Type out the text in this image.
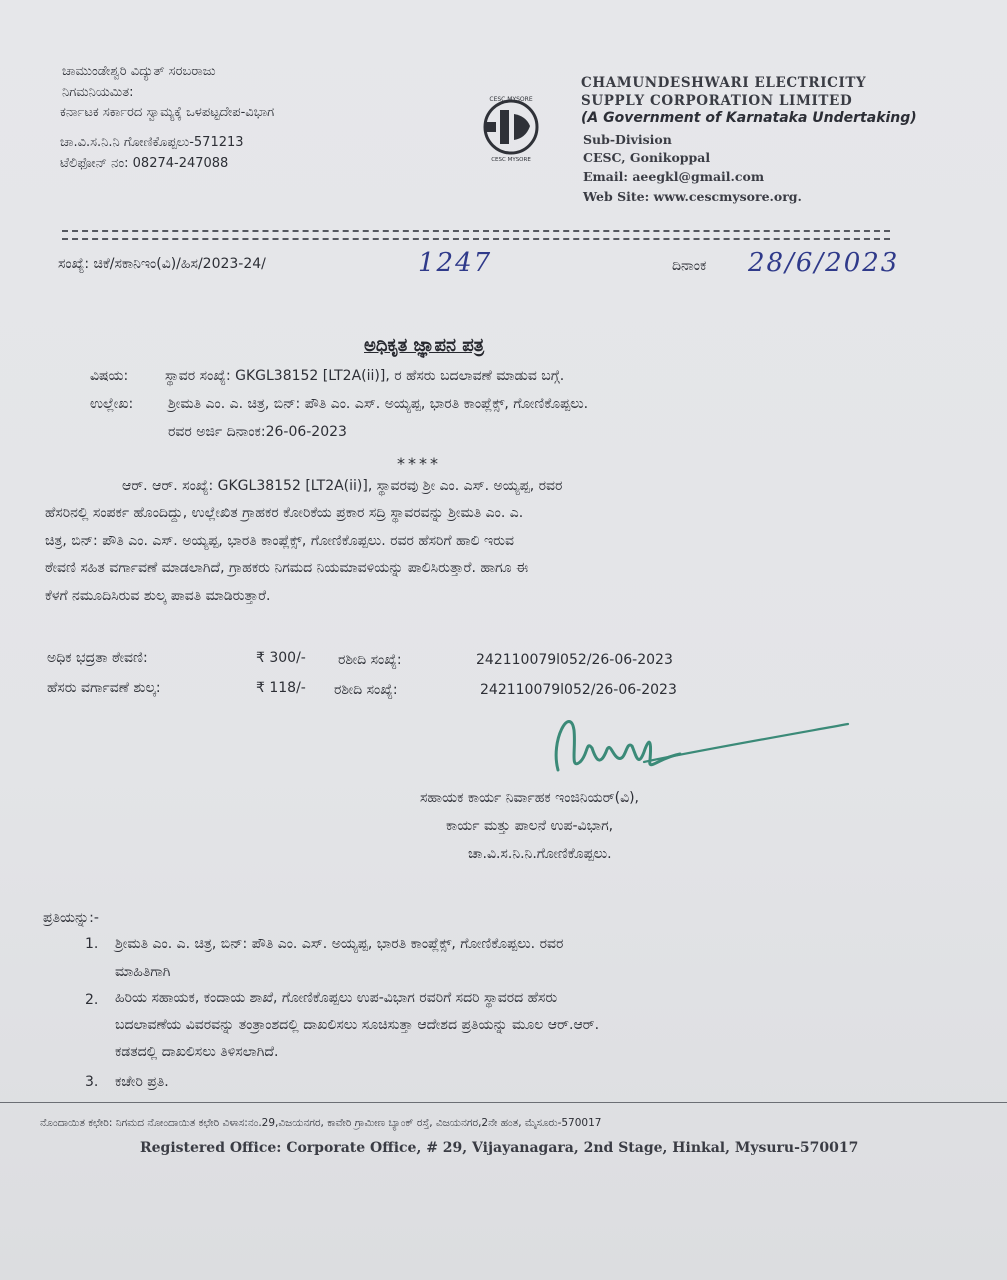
ಚಾಮುಂಡೇಶ್ವರಿ ವಿದ್ಯುತ್ ಸರಬರಾಜು
ನಿಗಮನಿಯಮಿತ:
ಕರ್ನಾಟಕ ಸರ್ಕಾರದ ಸ್ವಾಮ್ಯಕ್ಕೆ ಒಳಪಟ್ಟದೇಪ-ವಿಭಾಗ
ಚಾ.ವಿ.ಸ.ನಿ.ನಿ ಗೋಣಿಕೊಪ್ಪಲು-571213
ಟೆಲಿಫೋನ್ ನಂ: 08274-247088
CESC MYSORE
CESC MYSORE
CHAMUNDESHWARI ELECTRICITY
SUPPLY CORPORATION LIMITED
(A Government of Karnataka Undertaking)
Sub-Division
CESC, Gonikoppal
Email: aeegkl@gmail.com
Web Site: www.cescmysore.org.
ಸಂಖ್ಯೆ: ಚಿಕೆ/ಸಕಾನಿಇಂ(ವಿ)/ಹಿಸ/2023-24/	1247	ದಿನಾಂಕ 28/6/2023
ಅಧಿಕೃತ ಜ್ಞಾಪನ ಪತ್ರ
ವಿಷಯ:	ಸ್ಥಾವರ ಸಂಖ್ಯೆ: GKGL38152 [LT2A(ii)], ರ ಹೆಸರು ಬದಲಾವಣೆ ಮಾಡುವ ಬಗ್ಗೆ.
ಉಲ್ಲೇಖ: ಶ್ರೀಮತಿ ಎಂ. ಎ. ಚಿತ್ರ, ಬಿನ್: ಪೌತಿ ಎಂ. ಎಸ್. ಅಯ್ಯಪ್ಪ, ಭಾರತಿ ಕಾಂಪ್ಲೆಕ್ಸ್, ಗೋಣಿಕೊಪ್ಪಲು.
ರವರ ಅರ್ಜಿ ದಿನಾಂಕ:26-06-2023
****
ಆರ್. ಆರ್. ಸಂಖ್ಯೆ: GKGL38152 [LT2A(ii)], ಸ್ಥಾವರವು ಶ್ರೀ ಎಂ. ಎಸ್. ಅಯ್ಯಪ್ಪ, ರವರ
ಹೆಸರಿನಲ್ಲಿ ಸಂಪರ್ಕ ಹೊಂದಿದ್ದು, ಉಲ್ಲೇಖಿತ ಗ್ರಾಹಕರ ಕೋರಿಕೆಯ ಪ್ರಕಾರ ಸದ್ರಿ ಸ್ಥಾವರವನ್ನು ಶ್ರೀಮತಿ ಎಂ. ಎ.
ಚಿತ್ರ, ಬಿನ್: ಪೌತಿ ಎಂ. ಎಸ್. ಅಯ್ಯಪ್ಪ, ಭಾರತಿ ಕಾಂಪ್ಲೆಕ್ಸ್, ಗೋಣಿಕೊಪ್ಪಲು. ರವರ ಹೆಸರಿಗೆ ಹಾಲಿ ಇರುವ
ಠೇವಣಿ ಸಹಿತ ವರ್ಗಾವಣೆ ಮಾಡಲಾಗಿದೆ, ಗ್ರಾಹಕರು ನಿಗಮದ ನಿಯಮಾವಳಿಯನ್ನು ಪಾಲಿಸಿರುತ್ತಾರೆ. ಹಾಗೂ ಈ
ಕೆಳಗೆ ನಮೂದಿಸಿರುವ ಶುಲ್ಕ ಪಾವತಿ ಮಾಡಿರುತ್ತಾರೆ.
ಅಧಿಕ ಭದ್ರತಾ ಠೇವಣಿ:	₹ 300/- ರಶೀದಿ ಸಂಖ್ಯೆ:	242110079l052/26-06-2023
ಹೆಸರು ವರ್ಗಾವಣೆ ಶುಲ್ಕ:	₹ 118/- ರಶೀದಿ ಸಂಖ್ಯೆ:	242110079l052/26-06-2023
ಸಹಾಯಕ ಕಾರ್ಯ ನಿರ್ವಾಹಕ ಇಂಜಿನಿಯರ್(ವಿ),
ಕಾರ್ಯ ಮತ್ತು ಪಾಲನೆ ಉಪ-ವಿಭಾಗ,
ಚಾ.ವಿ.ಸ.ನಿ.ನಿ.ಗೋಣಿಕೊಪ್ಪಲು.
ಪ್ರತಿಯನ್ನು:-
1. ಶ್ರೀಮತಿ ಎಂ. ಎ. ಚಿತ್ರ, ಬಿನ್: ಪೌತಿ ಎಂ. ಎಸ್. ಅಯ್ಯಪ್ಪ, ಭಾರತಿ ಕಾಂಪ್ಲೆಕ್ಸ್, ಗೋಣಿಕೊಪ್ಪಲು. ರವರ
ಮಾಹಿತಿಗಾಗಿ
2. ಹಿರಿಯ ಸಹಾಯಕ, ಕಂದಾಯ ಶಾಖೆ, ಗೋಣಿಕೊಪ್ಪಲು ಉಪ-ವಿಭಾಗ ರವರಿಗೆ ಸದರಿ ಸ್ಥಾವರದ ಹೆಸರು
ಬದಲಾವಣೆಯ ವಿವರವನ್ನು ತಂತ್ರಾಂಶದಲ್ಲಿ ದಾಖಲಿಸಲು ಸೂಚಿಸುತ್ತಾ ಆದೇಶದ ಪ್ರತಿಯನ್ನು ಮೂಲ ಆರ್.ಆರ್.
ಕಡತದಲ್ಲಿ ದಾಖಲಿಸಲು ತಿಳಿಸಲಾಗಿದೆ.
3. ಕಚೇರಿ ಪ್ರತಿ.
ನೊಂದಾಯಿತ ಕಛೇರಿ: ನಿಗಮದ ನೋಂದಾಯಿತ ಕಛೇರಿ ವಿಳಾಸ:ನಂ.29,ವಿಜಯನಗರ, ಕಾವೇರಿ ಗ್ರಾಮೀಣ ಬ್ಯಾಂಕ್ ರಸ್ತೆ, ವಿಜಯನಗರ,2ನೇ ಹಂತ, ಮೈಸೂರು-570017
Registered Office: Corporate Office, # 29, Vijayanagara, 2nd Stage, Hinkal, Mysuru-570017
